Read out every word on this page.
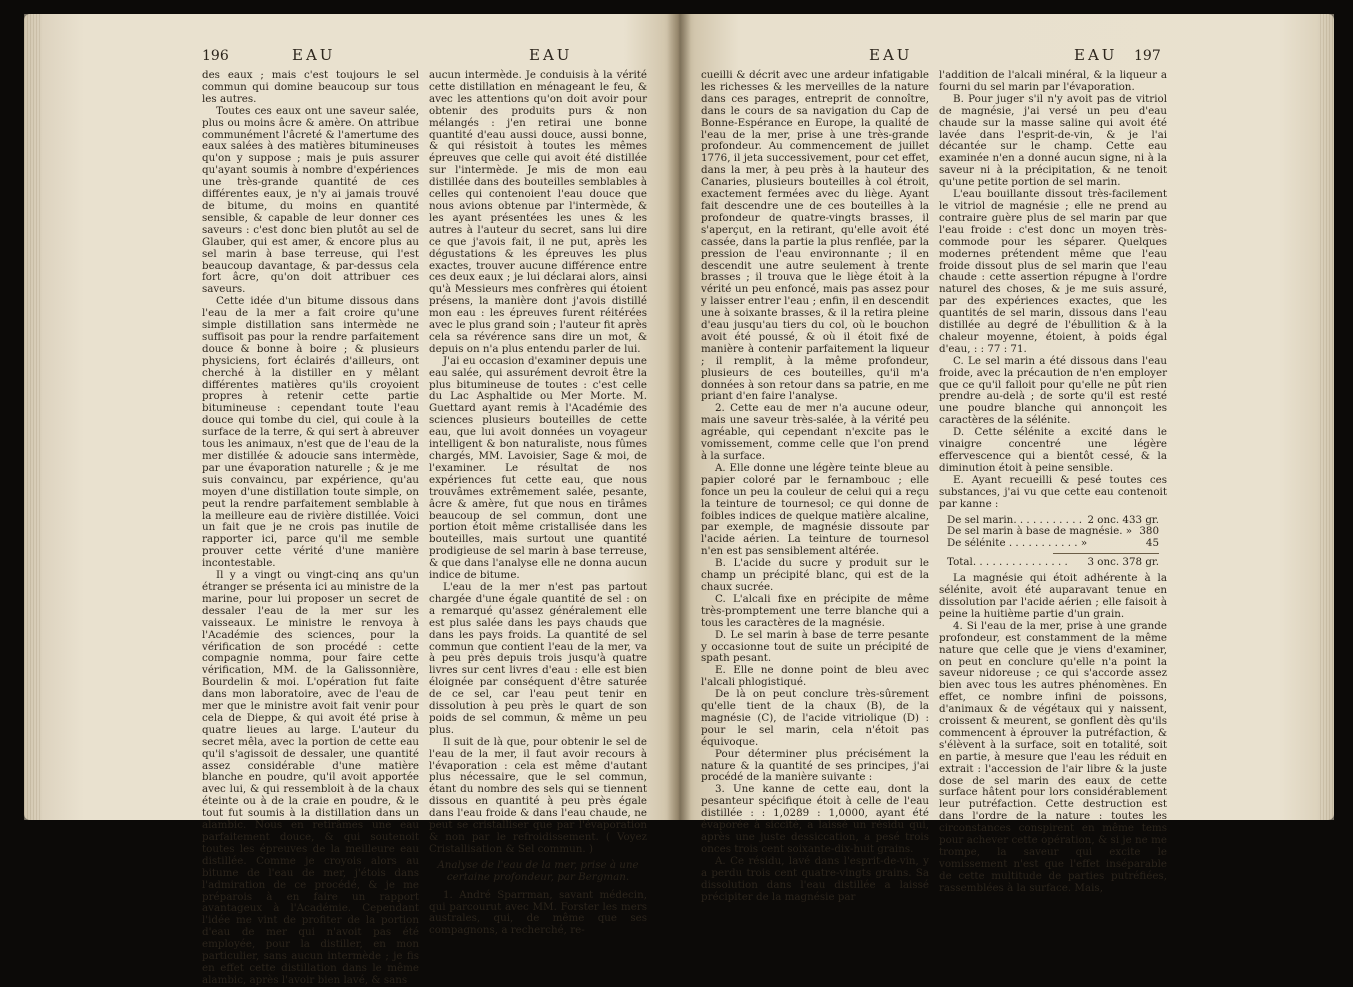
196	EAU	EAU

des eaux ; mais c'est toujours le sel commun qui domine beaucoup sur tous les autres.

Toutes ces eaux ont une saveur salée, plus ou moins âcre & amère. On attribue communément l'âcreté & l'amertume des eaux salées à des matières bitumineuses qu'on y suppose ; mais je puis assurer qu'ayant soumis à nombre d'expériences une très-grande quantité de ces différentes eaux, je n'y ai jamais trouvé de bitume, du moins en quantité sensible, & capable de leur donner ces saveurs : c'est donc bien plutôt au sel de Glauber, qui est amer, & encore plus au sel marin à base terreuse, qui l'est beaucoup davantage, & par-dessus cela fort âcre, qu'on doit attribuer ces saveurs.

Cette idée d'un bitume dissous dans l'eau de la mer a fait croire qu'une simple distillation sans intermède ne suffisoit pas pour la rendre parfaitement douce & bonne à boire ; & plusieurs physiciens, fort éclairés d'ailleurs, ont cherché à la distiller en y mêlant différentes matières qu'ils croyoient propres à retenir cette partie bitumineuse : cependant toute l'eau douce qui tombe du ciel, qui coule à la surface de la terre, & qui sert à abreuver tous les animaux, n'est que de l'eau de la mer distillée & adoucie sans intermède, par une évaporation naturelle ; & je me suis convaincu, par expérience, qu'au moyen d'une distillation toute simple, on peut la rendre parfaitement semblable à la meilleure eau de rivière distillée. Voici un fait que je ne crois pas inutile de rapporter ici, parce qu'il me semble prouver cette vérité d'une manière incontestable.

Il y a vingt ou vingt-cinq ans qu'un étranger se présenta ici au ministre de la marine, pour lui proposer un secret de dessaler l'eau de la mer sur les vaisseaux. Le ministre le renvoya à l'Académie des sciences, pour la vérification de son procédé : cette compagnie nomma, pour faire cette vérification, MM. de la Galissonnière, Bourdelin & moi. L'opération fut faite dans mon laboratoire, avec de l'eau de mer que le ministre avoit fait venir pour cela de Dieppe, & qui avoit été prise à quatre lieues au large. L'auteur du secret mêla, avec la portion de cette eau qu'il s'agissoit de dessaler, une quantité assez considérable d'une matière blanche en poudre, qu'il avoit apportée avec lui, & qui ressembloit à de la chaux éteinte ou à de la craie en poudre, & le tout fut soumis à la distillation dans un alambic. Nous en retirâmes une eau parfaitement douce, & qui soutenoit toutes les épreuves de la meilleure eau distillée. Comme je croyois alors au bitume de l'eau de mer, j'étois dans l'admiration de ce procédé, & je me préparois à en faire un rapport avantageux à l'Académie. Cependant l'idée me vint de profiter de la portion d'eau de mer qui n'avoit pas été employée, pour la distiller, en mon particulier, sans aucun intermède ; je fis en effet cette distillation dans le même alambic, après l'avoir bien lavé, & sans

aucun intermède. Je conduisis à la vérité cette distillation en ménageant le feu, & avec les attentions qu'on doit avoir pour obtenir des produits purs & non mélangés : j'en retirai une bonne quantité d'eau aussi douce, aussi bonne, & qui résistoit à toutes les mêmes épreuves que celle qui avoit été distillée sur l'intermède. Je mis de mon eau distillée dans des bouteilles semblables à celles qui contenoient l'eau douce que nous avions obtenue par l'intermède, & les ayant présentées les unes & les autres à l'auteur du secret, sans lui dire ce que j'avois fait, il ne put, après les dégustations & les épreuves les plus exactes, trouver aucune différence entre ces deux eaux ; je lui déclarai alors, ainsi qu'à Messieurs mes confrères qui étoient présens, la manière dont j'avois distillé mon eau : les épreuves furent réitérées avec le plus grand soin ; l'auteur fit après cela sa révérence sans dire un mot, & depuis on n'a plus entendu parler de lui.

J'ai eu occasion d'examiner depuis une eau salée, qui assurément devroit être la plus bitumineuse de toutes : c'est celle du Lac Asphaltide ou Mer Morte. M. Guettard ayant remis à l'Académie des sciences plusieurs bouteilles de cette eau, que lui avoit données un voyageur intelligent & bon naturaliste, nous fûmes chargés, MM. Lavoisier, Sage & moi, de l'examiner. Le résultat de nos expériences fut cette eau, que nous trouvâmes extrêmement salée, pesante, âcre & amère, fut que nous en tirâmes beaucoup de sel commun, dont une portion étoit même cristallisée dans les bouteilles, mais surtout une quantité prodigieuse de sel marin à base terreuse, & que dans l'analyse elle ne donna aucun indice de bitume.

L'eau de la mer n'est pas partout chargée d'une égale quantité de sel : on a remarqué qu'assez généralement elle est plus salée dans les pays chauds que dans les pays froids. La quantité de sel commun que contient l'eau de la mer, va à peu près depuis trois jusqu'à quatre livres sur cent livres d'eau : elle est bien éloignée par conséquent d'être saturée de ce sel, car l'eau peut tenir en dissolution à peu près le quart de son poids de sel commun, & même un peu plus.

Il suit de là que, pour obtenir le sel de l'eau de la mer, il faut avoir recours à l'évaporation : cela est même d'autant plus nécessaire, que le sel commun, étant du nombre des sels qui se tiennent dissous en quantité à peu près égale dans l'eau froide & dans l'eau chaude, ne peut se cristalliser que par l'évaporation & non par le refroidissement. ( Voyez Cristallisation & Sel commun. )

Analyse de l'eau de la mer, prise à une certaine profondeur, par Bergman.

1. André Sparrman, savant médecin, qui parcourut avec MM. Forster les mers australes, qui, de même que ses compagnons, a recherché, re-

EAU	EAU 197

cueilli & décrit avec une ardeur infatigable les richesses & les merveilles de la nature dans ces parages, entreprit de connoître, dans le cours de sa navigation du Cap de Bonne-Espérance en Europe, la qualité de l'eau de la mer, prise à une très-grande profondeur. Au commencement de juillet 1776, il jeta successivement, pour cet effet, dans la mer, à peu près à la hauteur des Canaries, plusieurs bouteilles à col étroit, exactement fermées avec du liège. Ayant fait descendre une de ces bouteilles à la profondeur de quatre-vingts brasses, il s'aperçut, en la retirant, qu'elle avoit été cassée, dans la partie la plus renflée, par la pression de l'eau environnante ; il en descendit une autre seulement à trente brasses ; il trouva que le liège étoit à la vérité un peu enfoncé, mais pas assez pour y laisser entrer l'eau ; enfin, il en descendit une à soixante brasses, & il la retira pleine d'eau jusqu'au tiers du col, où le bouchon avoit été poussé, & où il étoit fixé de manière à contenir parfaitement la liqueur ; il remplit, à la même profondeur, plusieurs de ces bouteilles, qu'il m'a données à son retour dans sa patrie, en me priant d'en faire l'analyse.

2. Cette eau de mer n'a aucune odeur, mais une saveur très-salée, à la vérité peu agréable, qui cependant n'excite pas le vomissement, comme celle que l'on prend à la surface.

A. Elle donne une légère teinte bleue au papier coloré par le fernambouc ; elle fonce un peu la couleur de celui qui a reçu la teinture de tournesol; ce qui donne de foibles indices de quelque matière alcaline, par exemple, de magnésie dissoute par l'acide aérien. La teinture de tournesol n'en est pas sensiblement altérée.

B. L'acide du sucre y produit sur le champ un précipité blanc, qui est de la chaux sucrée.

C. L'alcali fixe en précipite de même très-promptement une terre blanche qui a tous les caractères de la magnésie.

D. Le sel marin à base de terre pesante y occasionne tout de suite un précipité de spath pesant.

E. Elle ne donne point de bleu avec l'alcali phlogistiqué.

De là on peut conclure très-sûrement qu'elle tient de la chaux (B), de la magnésie (C), de l'acide vitriolique (D) : pour le sel marin, cela n'étoit pas équivoque.

Pour déterminer plus précisément la nature & la quantité de ses principes, j'ai procédé de la manière suivante :

3. Une kanne de cette eau, dont la pesanteur spécifique étoit à celle de l'eau distillée : : 1,0289 : 1,0000, ayant été évaporée à siccité, a laissé un résidu qui, après une juste dessiccation, a pesé trois onces trois cent soixante-dix-huit grains.

A. Ce résidu, lavé dans l'esprit-de-vin, y a perdu trois cent quatre-vingts grains. Sa dissolution dans l'eau distillée a laissé précipiter de la magnésie par

l'addition de l'alcali minéral, & la liqueur a fourni du sel marin par l'évaporation.

B. Pour juger s'il n'y avoit pas de vitriol de magnésie, j'ai versé un peu d'eau chaude sur la masse saline qui avoit été lavée dans l'esprit-de-vin, & je l'ai décantée sur le champ. Cette eau examinée n'en a donné aucun signe, ni à la saveur ni à la précipitation, & ne tenoit qu'une petite portion de sel marin.

L'eau bouillante dissout très-facilement le vitriol de magnésie ; elle ne prend au contraire guère plus de sel marin par que l'eau froide : c'est donc un moyen très-commode pour les séparer. Quelques modernes prétendent même que l'eau froide dissout plus de sel marin que l'eau chaude : cette assertion répugne à l'ordre naturel des choses, & je me suis assuré, par des expériences exactes, que les quantités de sel marin, dissous dans l'eau distillée au degré de l'ébullition & à la chaleur moyenne, étoient, à poids égal d'eau, : : 77 : 71.

C. Le sel marin a été dissous dans l'eau froide, avec la précaution de n'en employer que ce qu'il falloit pour qu'elle ne pût rien prendre au-delà ; de sorte qu'il est resté une poudre blanche qui annonçoit les caractères de la sélénite.

D. Cette sélénite a excité dans le vinaigre concentré une légère effervescence qui a bientôt cessé, & la diminution étoit à peine sensible.

E. Ayant recueilli & pesé toutes ces substances, j'ai vu que cette eau contenoit par kanne :

De sel marin. . . . . . . . . . . 2 onc. 433 gr.

De sel marin à base de magnésie. » 380

De sélénite . . . . . . . . . . . »	45

Total. . . . . . . . . . . . . . . 3 onc. 378 gr.

La magnésie qui étoit adhérente à la sélénite, avoit été auparavant tenue en dissolution par l'acide aérien ; elle faisoit à peine la huitième partie d'un grain.

4. Si l'eau de la mer, prise à une grande profondeur, est constamment de la même nature que celle que je viens d'examiner, on peut en conclure qu'elle n'a point la saveur nidoreuse ; ce qui s'accorde assez bien avec tous les autres phénomènes. En effet, ce nombre infini de poissons, d'animaux & de végétaux qui y naissent, croissent & meurent, se gonflent dès qu'ils commencent à éprouver la putréfaction, & s'élèvent à la surface, soit en totalité, soit en partie, à mesure que l'eau les réduit en extrait : l'accession de l'air libre & la juste dose de sel marin des eaux de cette surface hâtent pour lors considérablement leur putréfaction. Cette destruction est dans l'ordre de la nature : toutes les circonstances conspirent en même tems pour achever cette opération, & si je ne me trompe, la saveur qui excite le vomissement n'est que l'effet inséparable de cette multitude de parties putréfiées, rassemblées à la surface. Mais,
